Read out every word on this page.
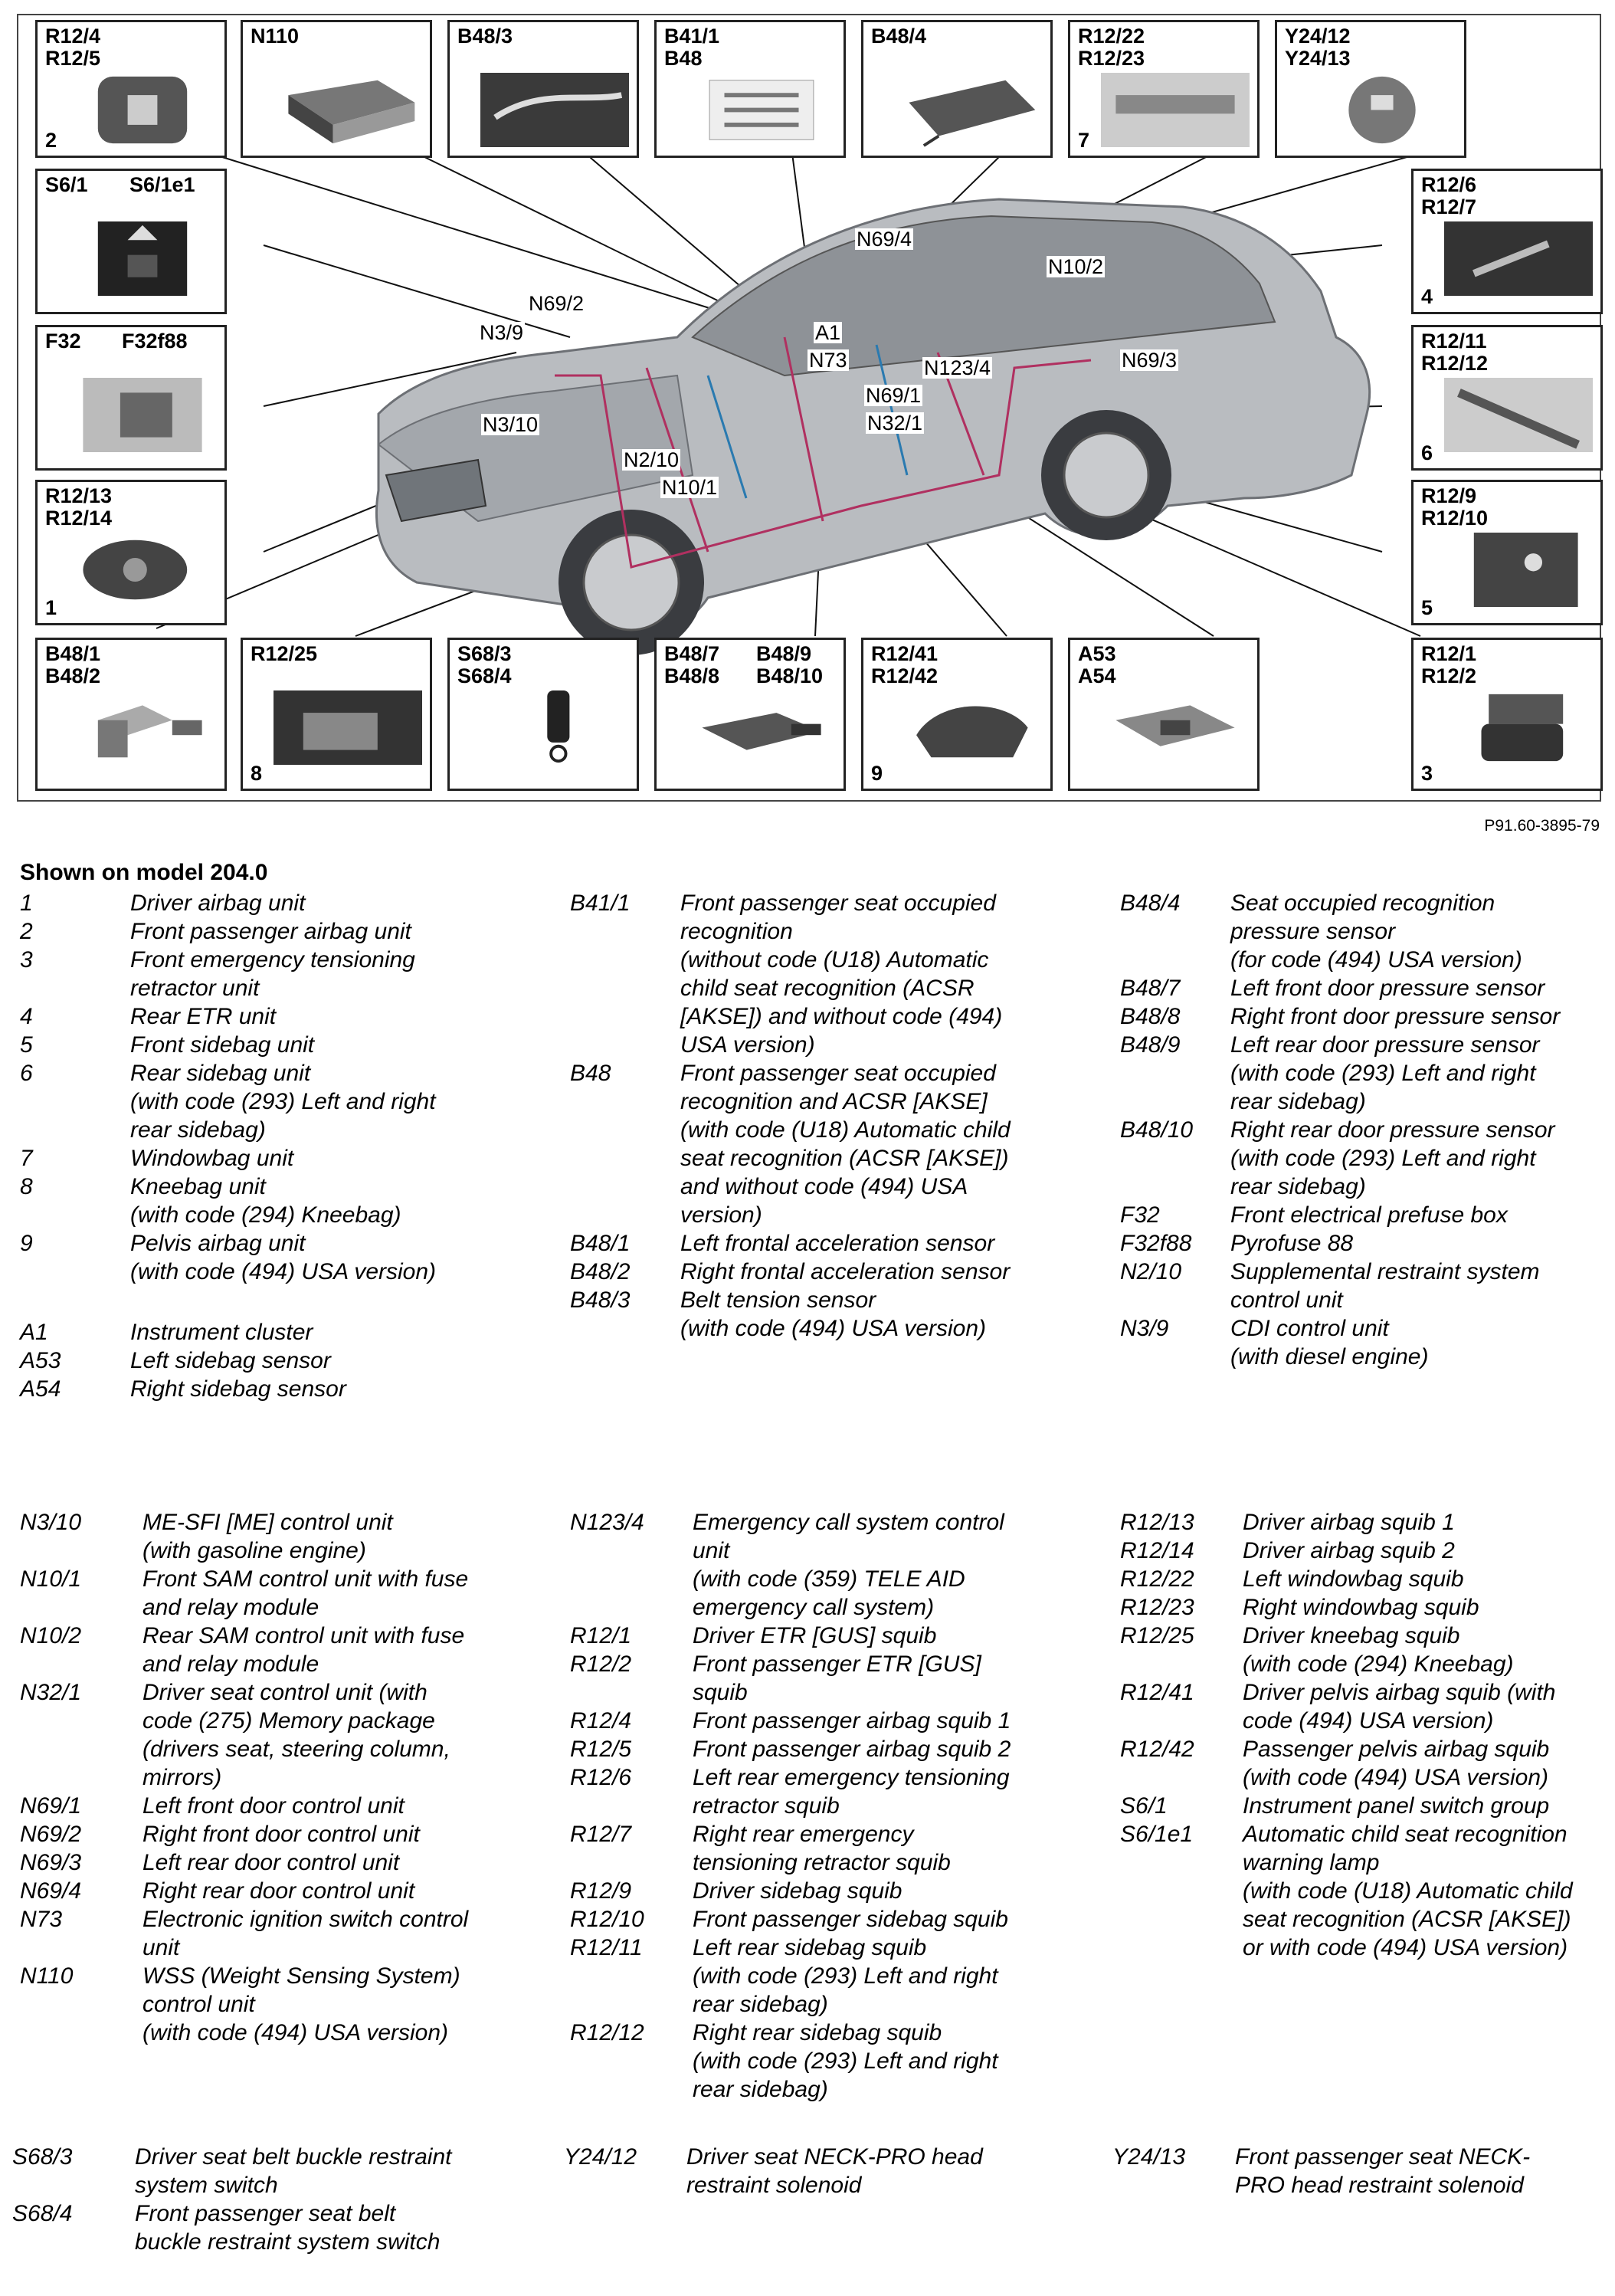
R12/4
R12/5
2
N110	B48/3	B41/1
B48
B48/4	R12/22
R12/23
7
Y24/12
Y24/13
S6/1 S6/1e1
F32 F32f88
R12/13
R12/14
1
R12/6
R12/7
4
R12/11
R12/12
6
R12/9
R12/10
5
B48/1
B48/2
R12/25
8
S68/3
S68/4
B48/7
B48/8
B48/9
B48/10
R12/41
R12/42
9
A53
A54
R12/1
R12/2
3
N69/4
N10/2
N69/2
N3/9	A1
N73	N123/4	N69/3
N69/1
N32/1
N3/10
N2/10
N10/1
P91.60-3895-79
Shown on model 204.0
1	Driver airbag unit
2	Front passenger airbag unit
3	Front emergency tensioning
retractor unit
4	Rear ETR unit
5	Front sidebag unit
6	Rear sidebag unit
(with code (293) Left and right
rear sidebag)
7	Windowbag unit
8	Kneebag unit
(with code (294) Kneebag)
9	Pelvis airbag unit
(with code (494) USA version)
A1	Instrument cluster
A53	Left sidebag sensor
A54	Right sidebag sensor
B41/1 Front passenger seat occupied
recognition
(without code (U18) Automatic
child seat recognition (ACSR
[AKSE]) and without code (494)
USA version)
B48	Front passenger seat occupied
recognition and ACSR [AKSE]
(with code (U18) Automatic child
seat recognition (ACSR [AKSE])
and without code (494) USA
version)
B48/1 Left frontal acceleration sensor
B48/2 Right frontal acceleration sensor
B48/3 Belt tension sensor
(with code (494) USA version)
B48/4 Seat occupied recognition
pressure sensor
(for code (494) USA version)
B48/7 Left front door pressure sensor
B48/8 Right front door pressure sensor
B48/9 Left rear door pressure sensor
(with code (293) Left and right
rear sidebag)
B48/10 Right rear door pressure sensor
(with code (293) Left and right
rear sidebag)
F32	Front electrical prefuse box
F32f88 Pyrofuse 88
N2/10 Supplemental restraint system
control unit
N3/9	CDI control unit
(with diesel engine)
N3/10	ME-SFI [ME] control unit
(with gasoline engine)
N10/1	Front SAM control unit with fuse
and relay module
N10/2	Rear SAM control unit with fuse
and relay module
N32/1	Driver seat control unit (with
code (275) Memory package
(drivers seat, steering column,
mirrors)
N69/1	Left front door control unit
N69/2	Right front door control unit
N69/3	Left rear door control unit
N69/4	Right rear door control unit
N73	Electronic ignition switch control
unit
N110	WSS (Weight Sensing System)
control unit
(with code (494) USA version)
N123/4 Emergency call system control
unit
(with code (359) TELE AID
emergency call system)
R12/1	Driver ETR [GUS] squib
R12/2	Front passenger ETR [GUS]
squib
R12/4	Front passenger airbag squib 1
R12/5	Front passenger airbag squib 2
R12/6	Left rear emergency tensioning
retractor squib
R12/7	Right rear emergency
tensioning retractor squib
R12/9	Driver sidebag squib
R12/10 Front passenger sidebag squib
R12/11 Left rear sidebag squib
(with code (293) Left and right
rear sidebag)
R12/12 Right rear sidebag squib
(with code (293) Left and right
rear sidebag)
R12/13 Driver airbag squib 1
R12/14 Driver airbag squib 2
R12/22 Left windowbag squib
R12/23 Right windowbag squib
R12/25 Driver kneebag squib
(with code (294) Kneebag)
R12/41 Driver pelvis airbag squib (with
code (494) USA version)
R12/42 Passenger pelvis airbag squib
(with code (494) USA version)
S6/1	Instrument panel switch group
S6/1e1 Automatic child seat recognition
warning lamp
(with code (U18) Automatic child
seat recognition (ACSR [AKSE])
or with code (494) USA version)
S68/3	Driver seat belt buckle restraint
system switch
S68/4	Front passenger seat belt
buckle restraint system switch
Y24/12 Driver seat NECK-PRO head
restraint solenoid
Y24/13 Front passenger seat NECK-
PRO head restraint solenoid
